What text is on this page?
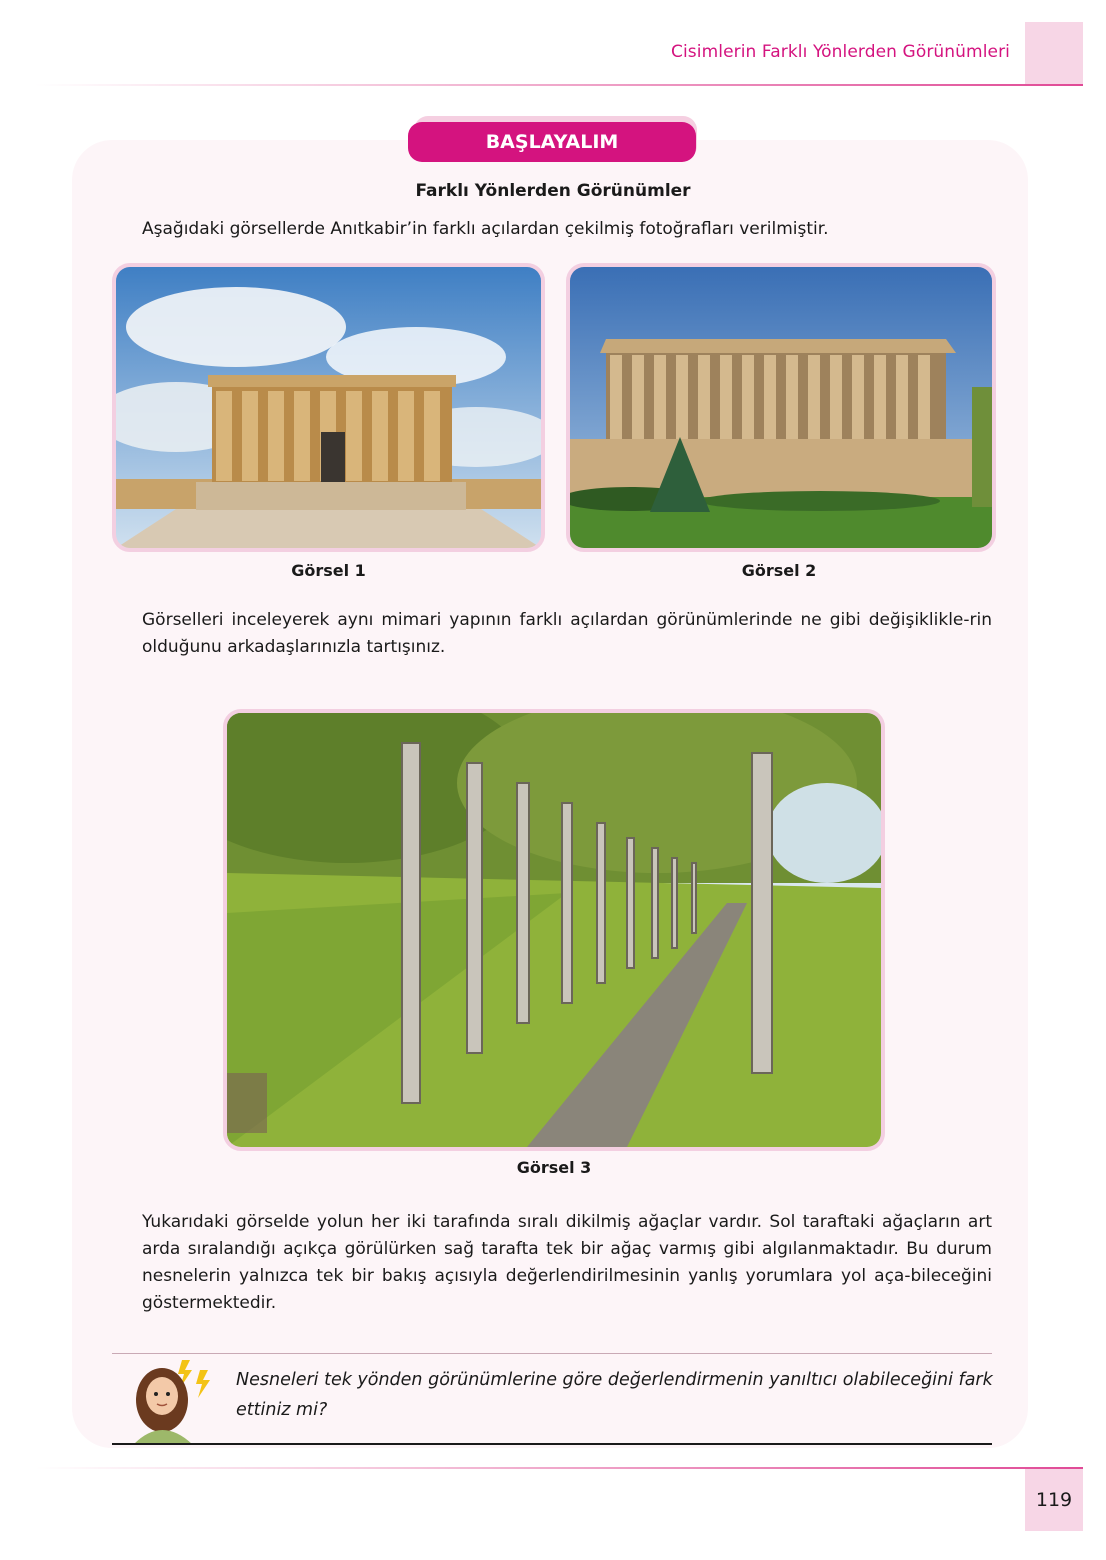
Cisimlerin Farklı Yönlerden Görünümleri
BAŞLAYALIM
Farklı Yönlerden Görünümler
Aşağıdaki görsellerde Anıtkabir’in farklı açılardan çekilmiş fotoğrafları verilmiştir.
Görsel 1	Görsel 2
Görselleri inceleyerek aynı mimari yapının farklı açılardan görünümlerinde ne gibi değişiklikle-rin olduğunu arkadaşlarınızla tartışınız.
Görsel 3
Yukarıdaki görselde yolun her iki tarafında sıralı dikilmiş ağaçlar vardır. Sol taraftaki ağaçların art arda sıralandığı açıkça görülürken sağ tarafta tek bir ağaç varmış gibi algılanmaktadır. Bu durum nesnelerin yalnızca tek bir bakış açısıyla değerlendirilmesinin yanlış yorumlara yol aça-bileceğini göstermektedir.
Nesneleri tek yönden görünümlerine göre değerlendirmenin yanıltıcı olabileceğini fark ettiniz mi?
119
